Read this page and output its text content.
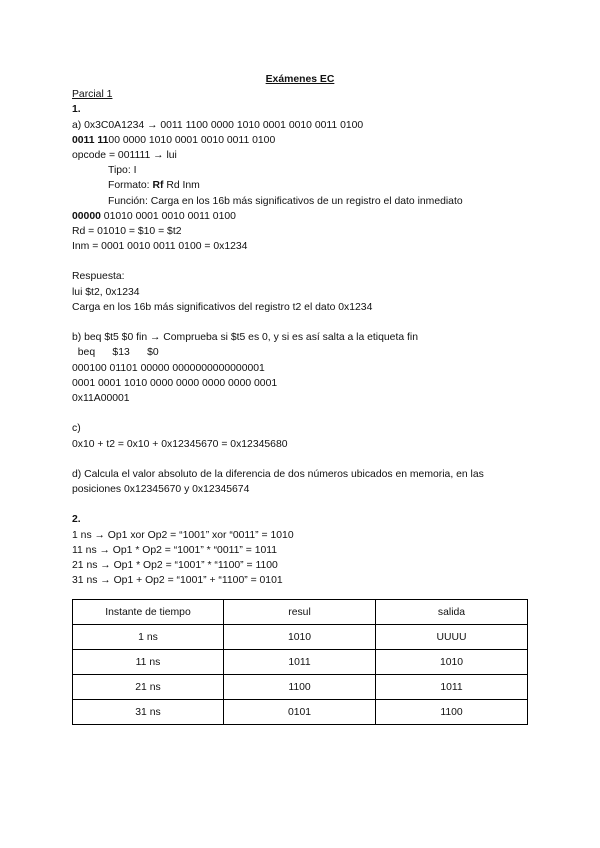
Exámenes EC
Parcial 1
1.
a) 0x3C0A1234 → 0011 1100 0000 1010 0001 0010 0011 0100
0011 1100 0000 1010 0001 0010 0011 0100
opcode = 001111 → lui
Tipo: I
Formato: Rf Rd Inm
Función: Carga en los 16b más significativos de un registro el dato inmediato
00000 01010 0001 0010 0011 0100
Rd = 01010 = $10 = $t2
Inm = 0001 0010 0011 0100 = 0x1234
Respuesta:
lui $t2, 0x1234
Carga en los 16b más significativos del registro t2 el dato 0x1234
b) beq $t5 $0 fin → Comprueba si $t5 es 0, y si es así salta a la etiqueta fin
beq      $13      $0
000100 01101 00000 0000000000000001
0001 0001 1010 0000 0000 0000 0000 0001
0x11A00001
c)
0x10 + t2 = 0x10 + 0x12345670 = 0x12345680
d) Calcula el valor absoluto de la diferencia de dos números ubicados en memoria, en las
posiciones 0x12345670 y 0x12345674
2.
1 ns → Op1 xor Op2 = “1001” xor “0011” = 1010
11 ns → Op1 * Op2 = “1001” * “0011” = 1011
21 ns → Op1 * Op2 = “1001” * “1100” = 1100
31 ns → Op1 + Op2 = “1001” + “1100” = 0101
Instante de tiempo	resul	salida
1 ns	1010	UUUU
11 ns	1011	1010
21 ns	1100	1011
31 ns	0101	1100
